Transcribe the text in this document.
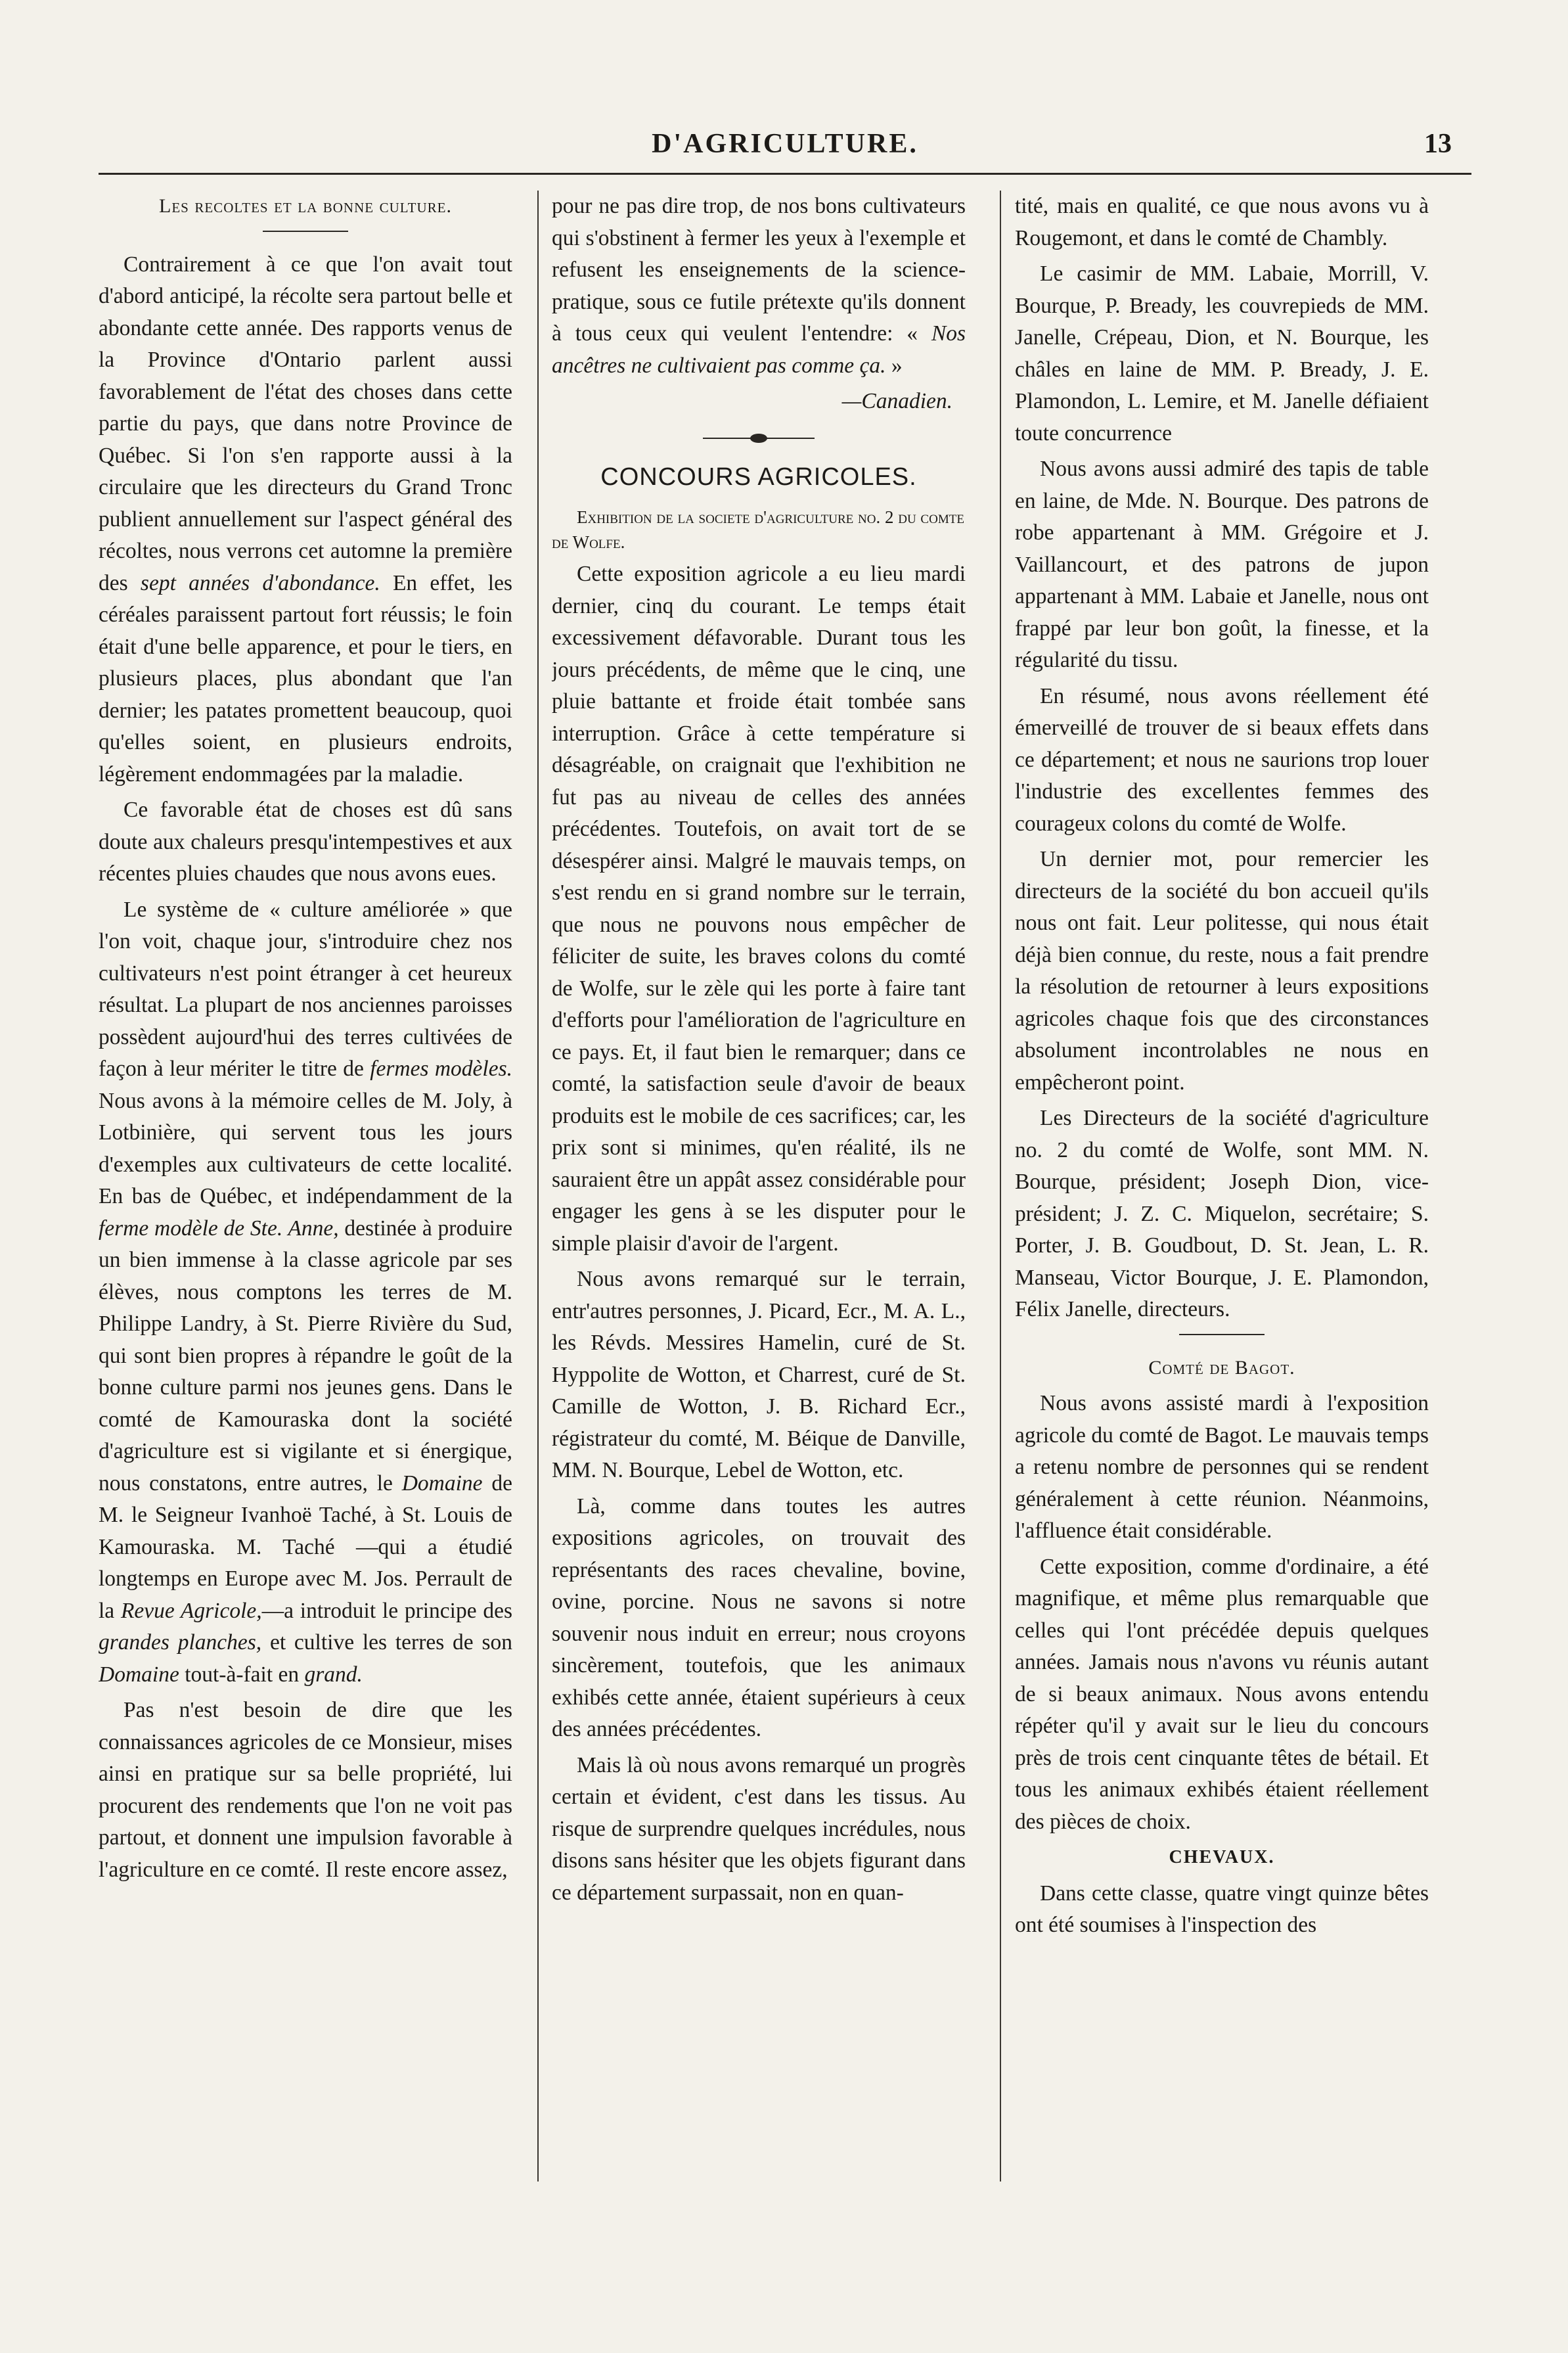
D'AGRICULTURE.	13
Les recoltes et la bonne culture.

Contrairement à ce que l'on avait tout d'abord anticipé, la récolte sera partout belle et abondante cette année. Des rapports venus de la Province d'Ontario parlent aussi favorablement de l'état des choses dans cette partie du pays, que dans notre Province de Québec. Si l'on s'en rapporte aussi à la circulaire que les directeurs du Grand Tronc publient annuellement sur l'aspect général des récoltes, nous verrons cet automne la première des sept années d'abondance. En effet, les céréales paraissent partout fort réussis; le foin était d'une belle apparence, et pour le tiers, en plusieurs places, plus abondant que l'an dernier; les patates promettent beaucoup, quoi qu'elles soient, en plusieurs endroits, légèrement endommagées par la maladie.

Ce favorable état de choses est dû sans doute aux chaleurs presqu'intempestives et aux récentes pluies chaudes que nous avons eues.

Le système de « culture améliorée » que l'on voit, chaque jour, s'introduire chez nos cultivateurs n'est point étranger à cet heureux résultat. La plupart de nos anciennes paroisses possèdent aujourd'hui des terres cultivées de façon à leur mériter le titre de fermes modèles. Nous avons à la mémoire celles de M. Joly, à Lotbinière, qui servent tous les jours d'exemples aux cultivateurs de cette localité. En bas de Québec, et indépendamment de la ferme modèle de Ste. Anne, destinée à produire un bien immense à la classe agricole par ses élèves, nous comptons les terres de M. Philippe Landry, à St. Pierre Rivière du Sud, qui sont bien propres à répandre le goût de la bonne culture parmi nos jeunes gens. Dans le comté de Kamouraska dont la société d'agriculture est si vigilante et si énergique, nous constatons, entre autres, le Domaine de M. le Seigneur Ivanhoë Taché, à St. Louis de Kamouraska. M. Taché —qui a étudié longtemps en Europe avec M. Jos. Perrault de la Revue Agricole,—a introduit le principe des grandes planches, et cultive les terres de son Domaine tout-à-fait en grand.

Pas n'est besoin de dire que les connaissances agricoles de ce Monsieur, mises ainsi en pratique sur sa belle propriété, lui procurent des rendements que l'on ne voit pas partout, et donnent une impulsion favorable à l'agriculture en ce comté. Il reste encore assez,

pour ne pas dire trop, de nos bons cultivateurs qui s'obstinent à fermer les yeux à l'exemple et refusent les enseignements de la science-pratique, sous ce futile prétexte qu'ils donnent à tous ceux qui veulent l'entendre: « Nos ancêtres ne cultivaient pas comme ça. »

—Canadien.

CONCOURS AGRICOLES.

Exhibition de la societe d'agriculture no. 2 du comte de Wolfe.

Cette exposition agricole a eu lieu mardi dernier, cinq du courant. Le temps était excessivement défavorable. Durant tous les jours précédents, de même que le cinq, une pluie battante et froide était tombée sans interruption. Grâce à cette température si désagréable, on craignait que l'exhibition ne fut pas au niveau de celles des années précédentes. Toutefois, on avait tort de se désespérer ainsi. Malgré le mauvais temps, on s'est rendu en si grand nombre sur le terrain, que nous ne pouvons nous empêcher de féliciter de suite, les braves colons du comté de Wolfe, sur le zèle qui les porte à faire tant d'efforts pour l'amélioration de l'agriculture en ce pays. Et, il faut bien le remarquer; dans ce comté, la satisfaction seule d'avoir de beaux produits est le mobile de ces sacrifices; car, les prix sont si minimes, qu'en réalité, ils ne sauraient être un appât assez considérable pour engager les gens à se les disputer pour le simple plaisir d'avoir de l'argent.

Nous avons remarqué sur le terrain, entr'autres personnes, J. Picard, Ecr., M. A. L., les Révds. Messires Hamelin, curé de St. Hyppolite de Wotton, et Charrest, curé de St. Camille de Wotton, J. B. Richard Ecr., régistrateur du comté, M. Béique de Danville, MM. N. Bourque, Lebel de Wotton, etc.

Là, comme dans toutes les autres expositions agricoles, on trouvait des représentants des races chevaline, bovine, ovine, porcine. Nous ne savons si notre souvenir nous induit en erreur; nous croyons sincèrement, toutefois, que les animaux exhibés cette année, étaient supérieurs à ceux des années précédentes.

Mais là où nous avons remarqué un progrès certain et évident, c'est dans les tissus. Au risque de surprendre quelques incrédules, nous disons sans hésiter que les objets figurant dans ce département surpassait, non en quan-

tité, mais en qualité, ce que nous avons vu à Rougemont, et dans le comté de Chambly.

Le casimir de MM. Labaie, Morrill, V. Bourque, P. Bready, les couvrepieds de MM. Janelle, Crépeau, Dion, et N. Bourque, les châles en laine de MM. P. Bready, J. E. Plamondon, L. Lemire, et M. Janelle défiaient toute concurrence

Nous avons aussi admiré des tapis de table en laine, de Mde. N. Bourque. Des patrons de robe appartenant à MM. Grégoire et J. Vaillancourt, et des patrons de jupon appartenant à MM. Labaie et Janelle, nous ont frappé par leur bon goût, la finesse, et la régularité du tissu.

En résumé, nous avons réellement été émerveillé de trouver de si beaux effets dans ce département; et nous ne saurions trop louer l'industrie des excellentes femmes des courageux colons du comté de Wolfe.

Un dernier mot, pour remercier les directeurs de la société du bon accueil qu'ils nous ont fait. Leur politesse, qui nous était déjà bien connue, du reste, nous a fait prendre la résolution de retourner à leurs expositions agricoles chaque fois que des circonstances absolument incontrolables ne nous en empêcheront point.

Les Directeurs de la société d'agriculture no. 2 du comté de Wolfe, sont MM. N. Bourque, président; Joseph Dion, vice-président; J. Z. C. Miquelon, secrétaire; S. Porter, J. B. Goudbout, D. St. Jean, L. R. Manseau, Victor Bourque, J. E. Plamondon, Félix Janelle, directeurs.

Comté de Bagot.

Nous avons assisté mardi à l'exposition agricole du comté de Bagot. Le mauvais temps a retenu nombre de personnes qui se rendent généralement à cette réunion. Néanmoins, l'affluence était considérable.

Cette exposition, comme d'ordinaire, a été magnifique, et même plus remarquable que celles qui l'ont précédée depuis quelques années. Jamais nous n'avons vu réunis autant de si beaux animaux. Nous avons entendu répéter qu'il y avait sur le lieu du concours près de trois cent cinquante têtes de bétail. Et tous les animaux exhibés étaient réellement des pièces de choix.

CHEVAUX.

Dans cette classe, quatre vingt quinze bêtes ont été soumises à l'inspection des
